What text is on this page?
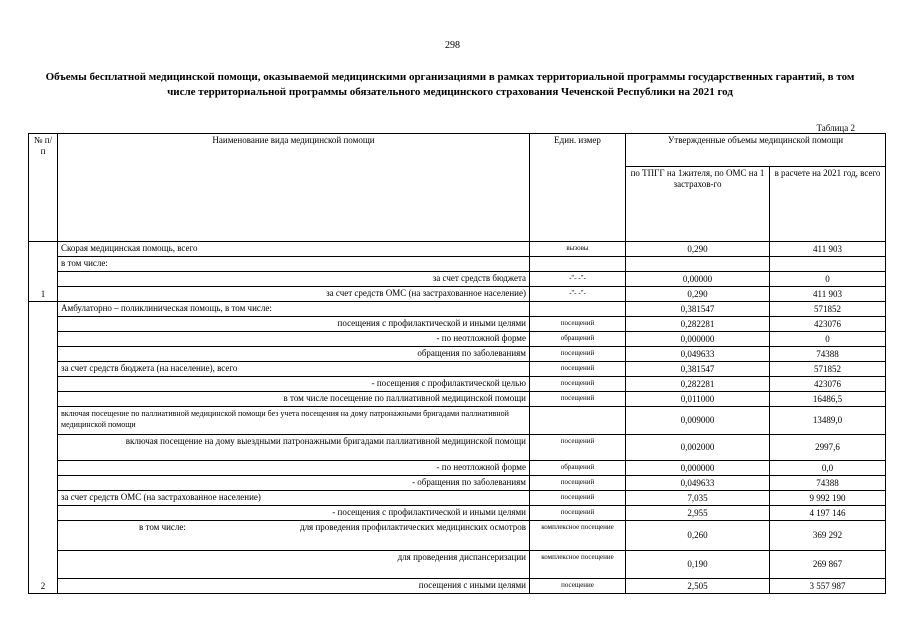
298
Объемы бесплатной медицинской помощи, оказываемой медицинскими организациями в рамках территориальной программы государственных гарантий, в том числе территориальной программы обязательного медицинского страхования Чеченской Республики на 2021 год
Таблица 2
№ п/п	Наименование вида медицинской помощи	Един. измер	Утвержденные объемы медицинской помощи	
			по ТПГГ на 1жителя, по ОМС на 1 застрахов-го	в расчете на 2021 год, всего
1	Скорая медицинская помощь, всего	вызовы	0,290	411 903
	в том числе:			
	за счет средств бюджета	-"- -"-	0,00000	0
	за счет средств ОМС (на застрахованное население)	-"- -"-	0,290	411 903
2	Амбулаторно – поликлиническая помощь, в том числе:		0,381547	571852
	посещения с профилактической и иными целями	посещений	0,282281	423076
	- по неотложной форме	обращений	0,000000	0
	обращения по заболеваниям	посещений	0,049633	74388
	за счет средств бюджета (на население), всего	посещений	0,381547	571852
	- посещения с профилактической целью	посещений	0,282281	423076
	в том числе посещение по паллиативной медицинской помощи	посещений	0,011000	16486,5
	включая посещение по паллиативной медицинской помощи без учета посещения на дому патронажными бригадами паллиативной медицинской помощи		0,009000	13489,0
	включая посещение на дому выездными патронажными бригадами паллиативной медицинской помощи	посещений	0,002000	2997,6
	- по неотложной форме	обращений	0,000000	0,0
	- обращения по заболеваниям	посещений	0,049633	74388
	за счет средств ОМС (на застрахованное население)	посещений	7,035	9 992 190
	- посещения с профилактической и иными целями	посещений	2,955	4 197 146
	в том числе: для проведения профилактических медицинских осмотров	комплексное посещение	0,260	369 292
	для проведения диспансеризации	комплексное посещение	0,190	269 867
	посещения с иными целями	посещение	2,505	3 557 987
